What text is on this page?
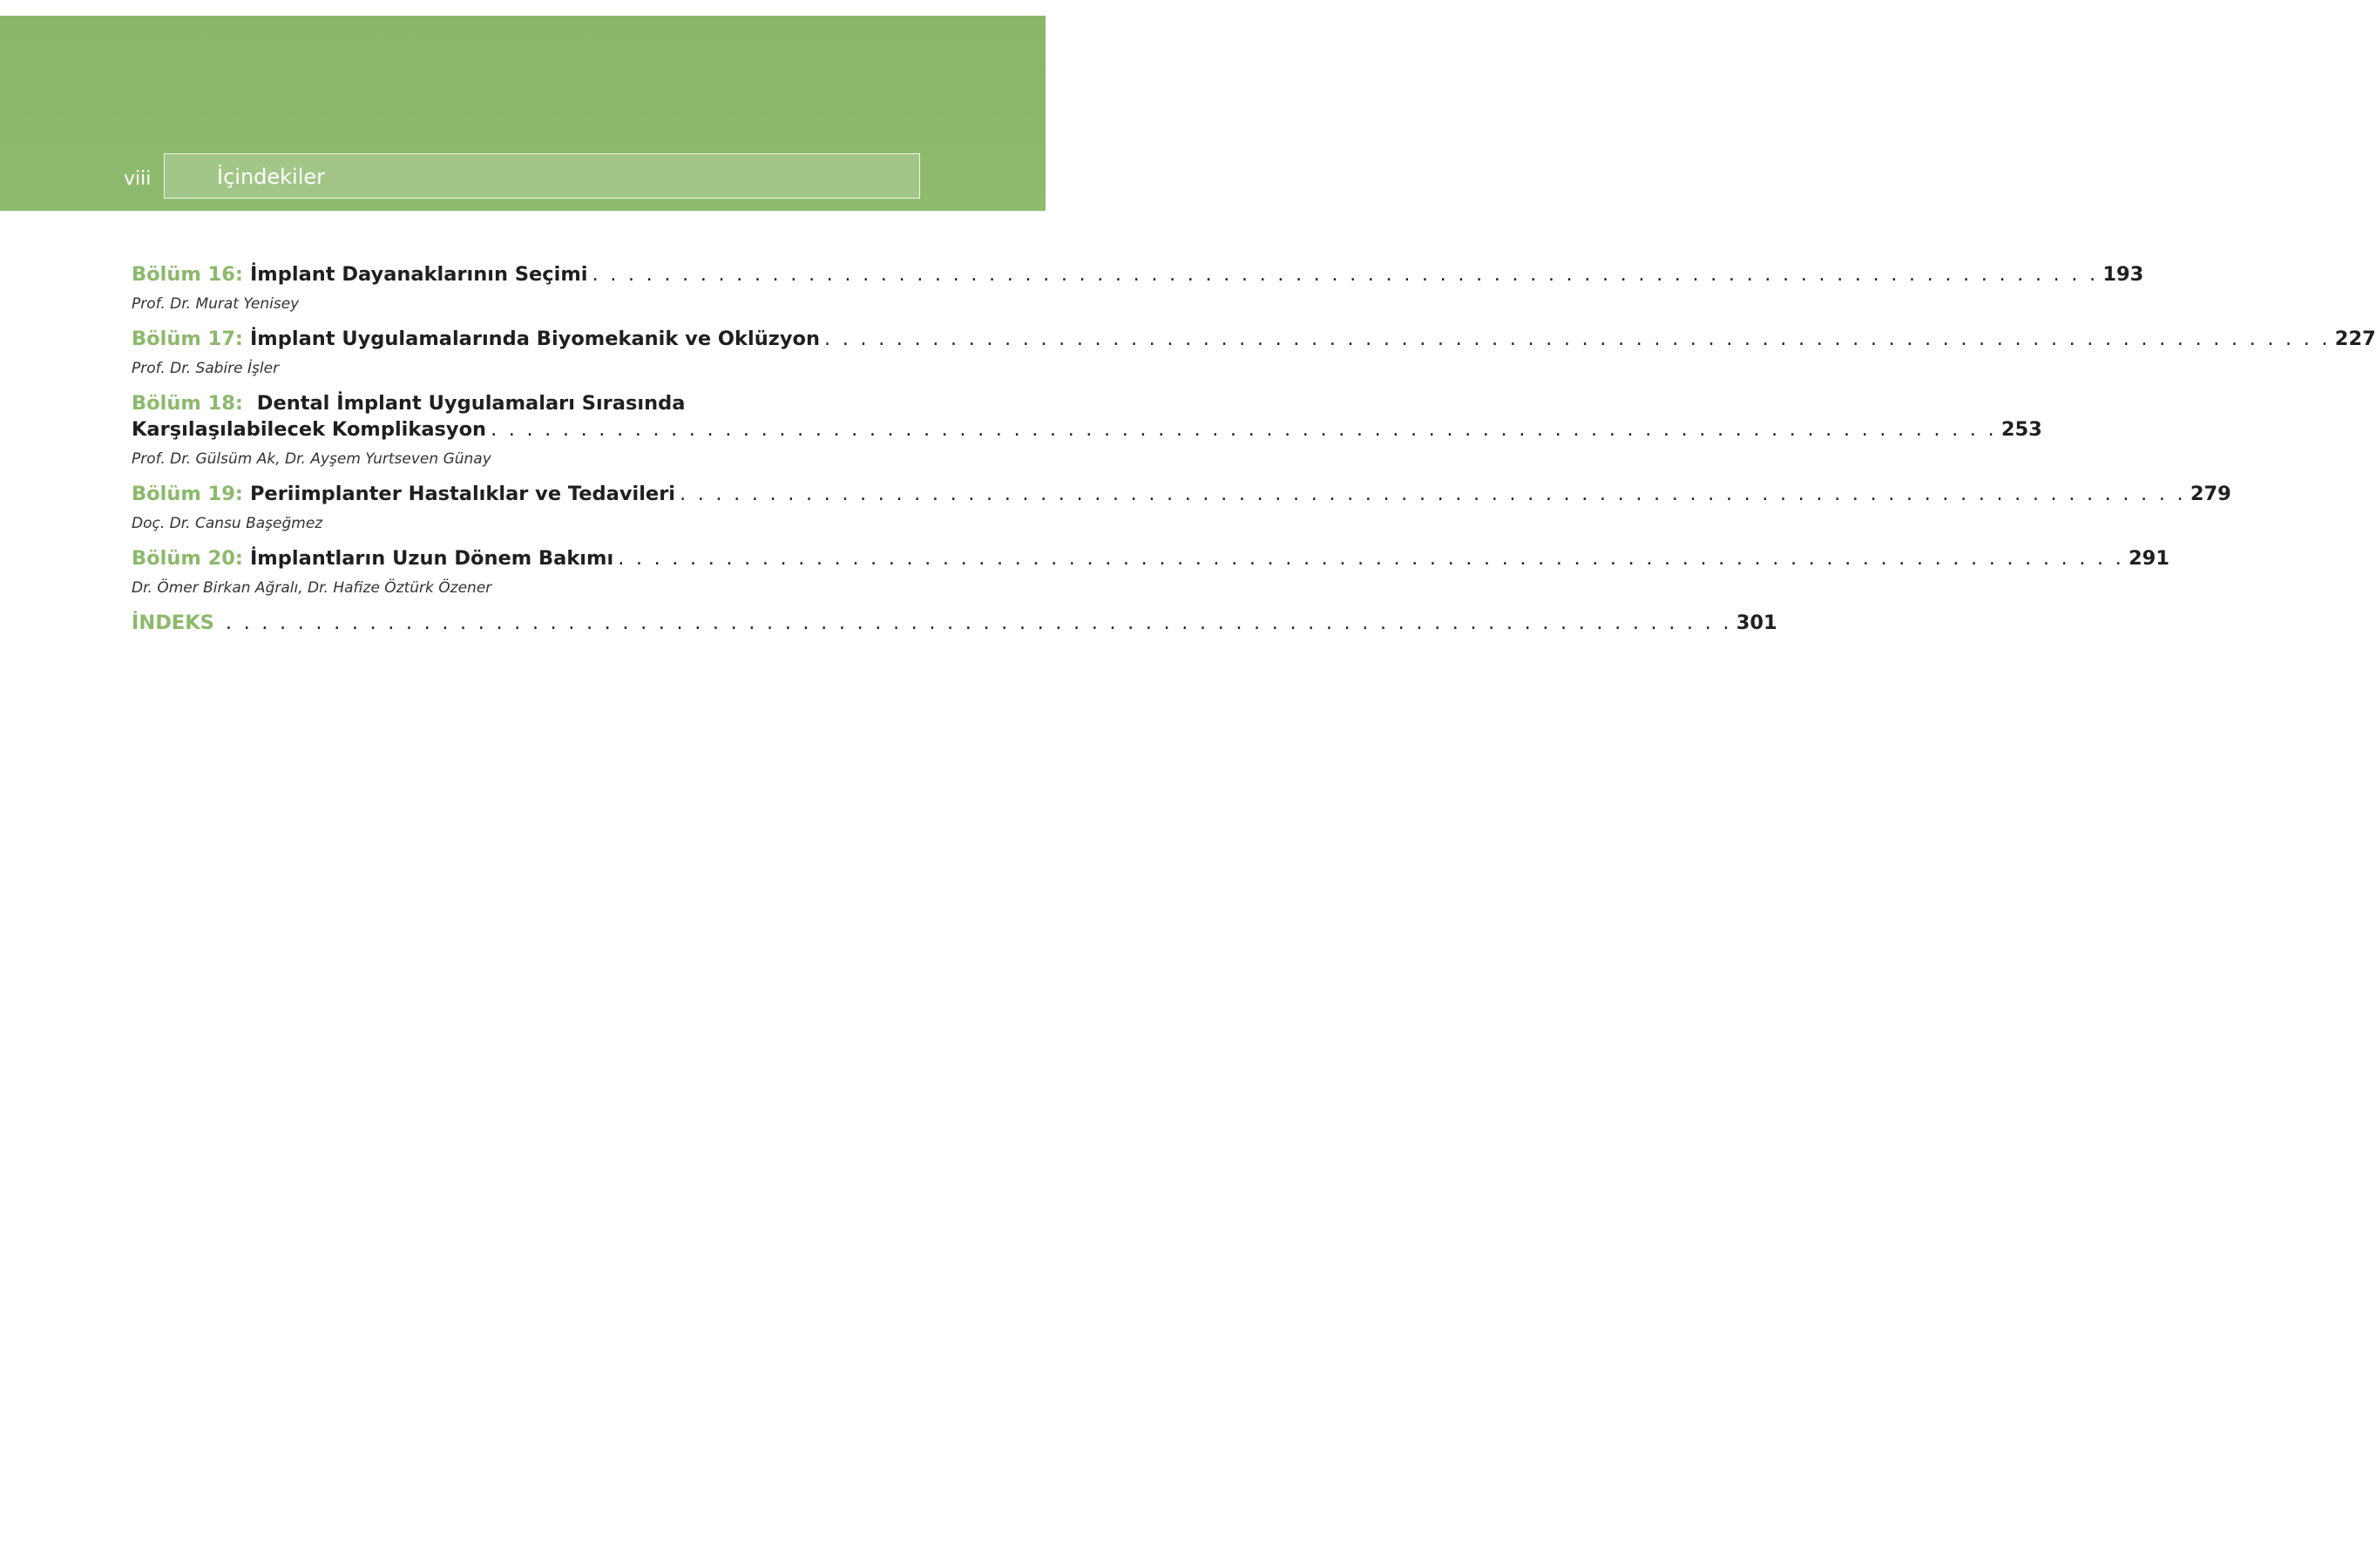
viii	İçindekiler
Bölüm 16: İmplant Dayanaklarının Seçimi . . . . . . . . . . . . . . . . . . . . . . . . . . . . . . . . . . . . . . . . . . . . . . . . . . . . . . . . . . . . . . . . . . . . . . . . . . . . . . . . . . . . 193
Prof. Dr. Murat Yenisey
Bölüm 17: İmplant Uygulamalarında Biyomekanik ve Oklüzyon . . . . . . . . . . . . . . . . . . . . . . . . . . . . . . . . . . . . . . . . . . . . . . . . . . . . . . . . . . . . . . . . . . . . . . . . . . . . . . . . . . . . 227
Prof. Dr. Sabire İşler
Bölüm 18: Dental İmplant Uygulamaları Sırasında
Karşılaşılabilecek Komplikasyon . . . . . . . . . . . . . . . . . . . . . . . . . . . . . . . . . . . . . . . . . . . . . . . . . . . . . . . . . . . . . . . . . . . . . . . . . . . . . . . . . . . . 253
Prof. Dr. Gülsüm Ak, Dr. Ayşem Yurtseven Günay
Bölüm 19: Periimplanter Hastalıklar ve Tedavileri . . . . . . . . . . . . . . . . . . . . . . . . . . . . . . . . . . . . . . . . . . . . . . . . . . . . . . . . . . . . . . . . . . . . . . . . . . . . . . . . . . . . 279
Doç. Dr. Cansu Başeğmez
Bölüm 20: İmplantların Uzun Dönem Bakımı . . . . . . . . . . . . . . . . . . . . . . . . . . . . . . . . . . . . . . . . . . . . . . . . . . . . . . . . . . . . . . . . . . . . . . . . . . . . . . . . . . . . 291
Dr. Ömer Birkan Ağralı, Dr. Hafize Öztürk Özener
İNDEKS . . . . . . . . . . . . . . . . . . . . . . . . . . . . . . . . . . . . . . . . . . . . . . . . . . . . . . . . . . . . . . . . . . . . . . . . . . . . . . . . . . . . 301
